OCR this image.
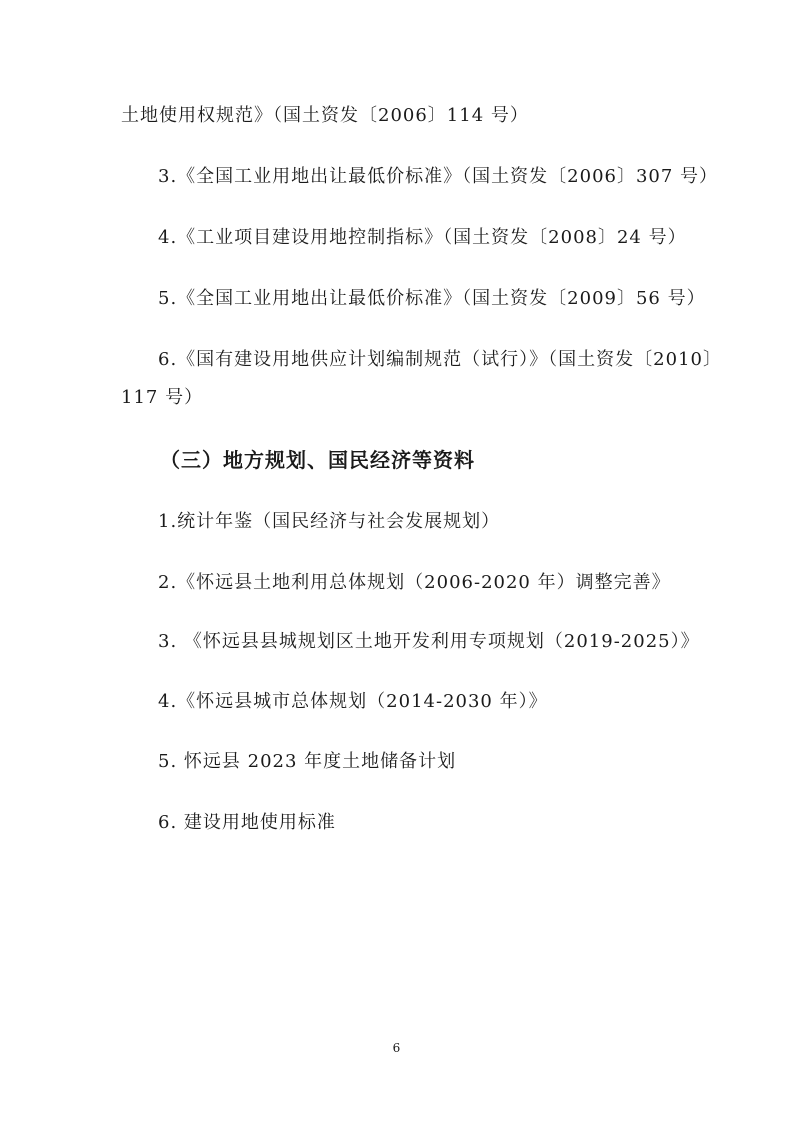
土地使用权规范》（国土资发〔2006〕114 号）
3.《全国工业用地出让最低价标准》（国土资发〔2006〕307 号）
4.《工业项目建设用地控制指标》（国土资发〔2008〕24 号）
5.《全国工业用地出让最低价标准》（国土资发〔2009〕56 号）
6.《国有建设用地供应计划编制规范（试行）》（国土资发〔2010〕
117 号）
（三）地方规划、国民经济等资料
1.统计年鉴（国民经济与社会发展规划）
2.《怀远县土地利用总体规划（2006-2020 年）调整完善》
3. 《怀远县县城规划区土地开发利用专项规划（2019-2025）》
4.《怀远县城市总体规划（2014-2030 年）》
5. 怀远县 2023 年度土地储备计划
6. 建设用地使用标准
6
